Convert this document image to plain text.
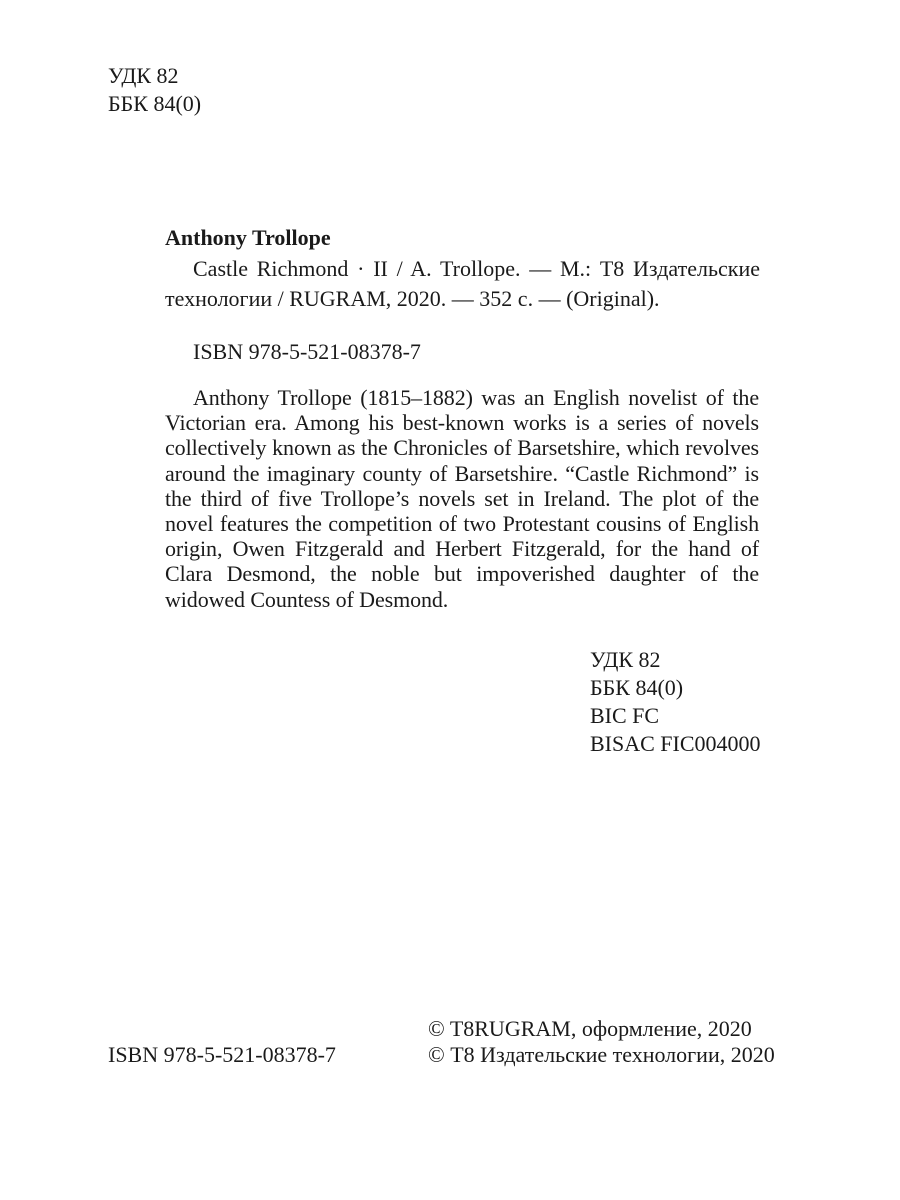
УДК 82
ББК 84(0)
Anthony Trollope
Castle Richmond · II / A. Trollope. — М.: Т8 Издательские технологии / RUGRAM, 2020. — 352 с. — (Original).
ISBN 978-5-521-08378-7
Anthony Trollope (1815–1882) was an English novelist of the Victorian era. Among his best-known works is a series of novels collectively known as the Chronicles of Barsetshire, which revolves around the imaginary county of Barsetshire. “Castle Richmond” is the third of five Trollope’s novels set in Ireland. The plot of the novel features the competition of two Protestant cousins of English origin, Owen Fitzgerald and Herbert Fitzgerald, for the hand of Clara Desmond, the noble but impoverished daughter of the widowed Countess of Desmond.
УДК 82
ББК 84(0)
BIC FC
BISAC FIC004000
ISBN 978-5-521-08378-7
© T8RUGRAM, оформление, 2020
© Т8 Издательские технологии, 2020
